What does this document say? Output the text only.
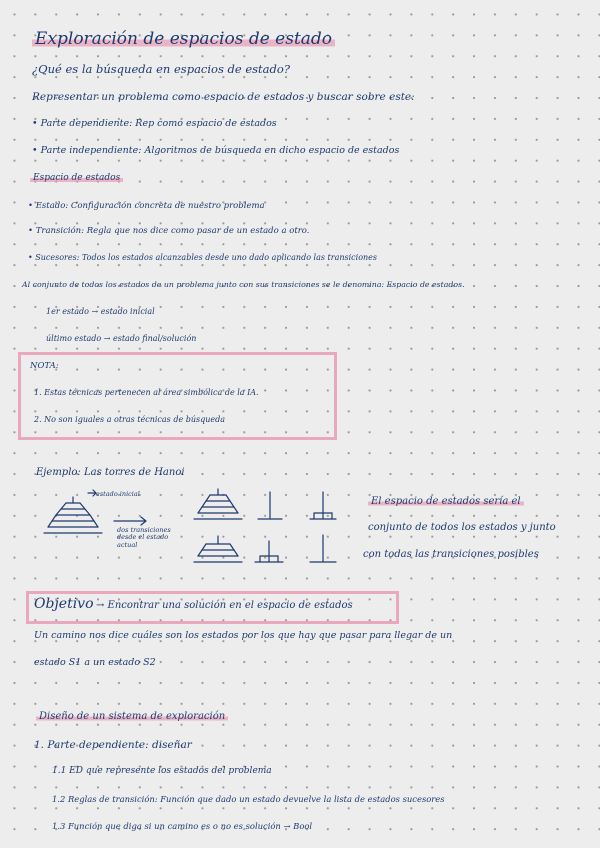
Exploración de espacios de estado
¿Qué es la búsqueda en espacios de estado?
Representar un problema como espacio de estados y buscar sobre este:
• Parte dependiente: Rep como espacio de estados
• Parte independiente: Algoritmos de búsqueda en dicho espacio de estados
Espacio de estados
• Estado: Configuración concreta de nuestro problema
• Transición: Regla que nos dice como pasar de un estado a otro.
• Sucesores: Todos los estados alcanzables desde uno dado aplicando las transiciones
Al conjunto de todos los estados de un problema junto con sus transiciones se le denomina: Espacio de estados.
1er estado → estado inicial
último estado → estado final/solución
NOTA:
1. Estas técnicas pertenecen al área simbólica de la IA.
2. No son iguales a otras técnicas de búsqueda
Ejemplo: Las torres de Hanoi
estado inicial
dos transiciones desde el estado actual
El espacio de estados sería el
conjunto de todos los estados y junto
con todas las transiciones posibles
Objetivo → Encontrar una solución en el espacio de estados
Un camino nos dice cuáles son los estados por los que hay que pasar para llegar de un
estado S1 a un estado S2
Diseño de un sistema de exploración
1. Parte dependiente: diseñar
1.1 ED que represente los estados del problema
1.2 Reglas de transición: Función que dado un estado devuelve la lista de estados sucesores
1.3 Función que diga si un camino es o no es solución → Bool
